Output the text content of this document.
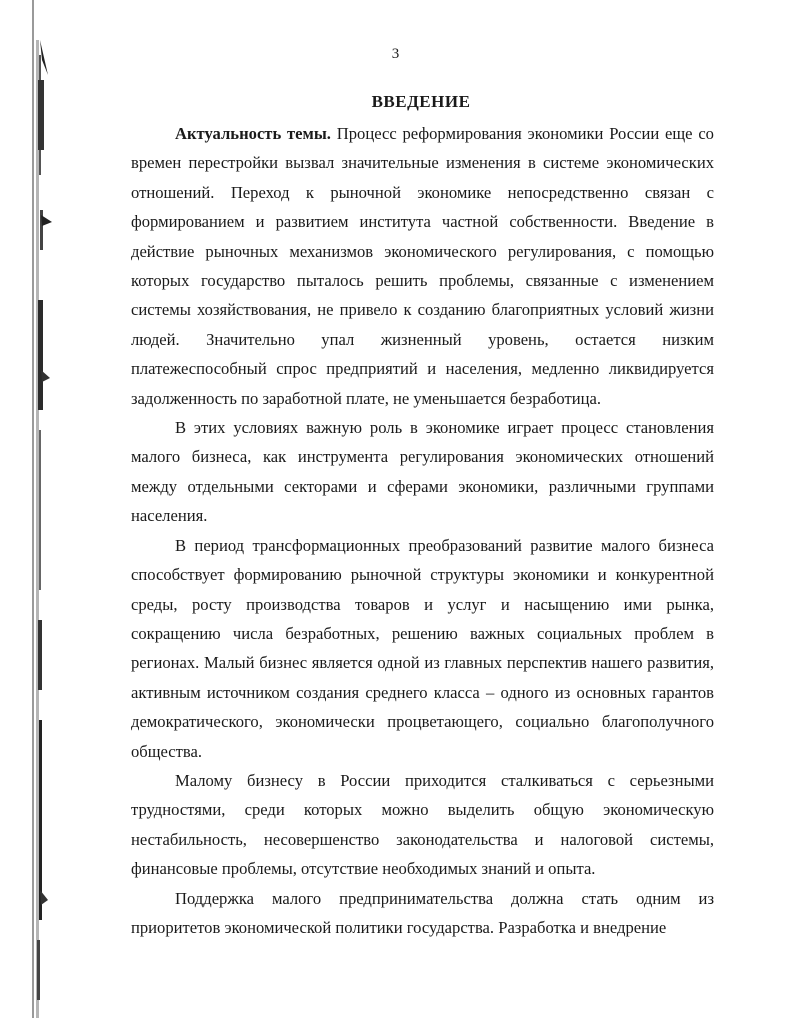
3
ВВЕДЕНИЕ

Актуальность темы. Процесс реформирования экономики России еще со времен перестройки вызвал значительные изменения в системе экономических отношений. Переход к рыночной экономике непосредственно связан с формированием и развитием института частной собственности. Введение в действие рыночных механизмов экономического регулирования, с помощью которых государство пыталось решить проблемы, связанные с изменением системы хозяйствования, не привело к созданию благоприятных условий жизни людей. Значительно упал жизненный уровень, остается низким платежеспособный спрос предприятий и населения, медленно ликвидируется задолженность по заработной плате, не уменьшается безработица.

В этих условиях важную роль в экономике играет процесс становления малого бизнеса, как инструмента регулирования экономических отношений между отдельными секторами и сферами экономики, различными группами населения.

В период трансформационных преобразований развитие малого бизнеса способствует формированию рыночной структуры экономики и конкурентной среды, росту производства товаров и услуг и насыщению ими рынка, сокращению числа безработных, решению важных социальных проблем в регионах. Малый бизнес является одной из главных перспектив нашего развития, активным источником создания среднего класса – одного из основных гарантов демократического, экономически процветающего, социально благополучного общества.

Малому бизнесу в России приходится сталкиваться с серьезными трудностями, среди которых можно выделить общую экономическую нестабильность, несовершенство законодательства и налоговой системы, финансовые проблемы, отсутствие необходимых знаний и опыта.

Поддержка малого предпринимательства должна стать одним из приоритетов экономической политики государства. Разработка и внедрение
